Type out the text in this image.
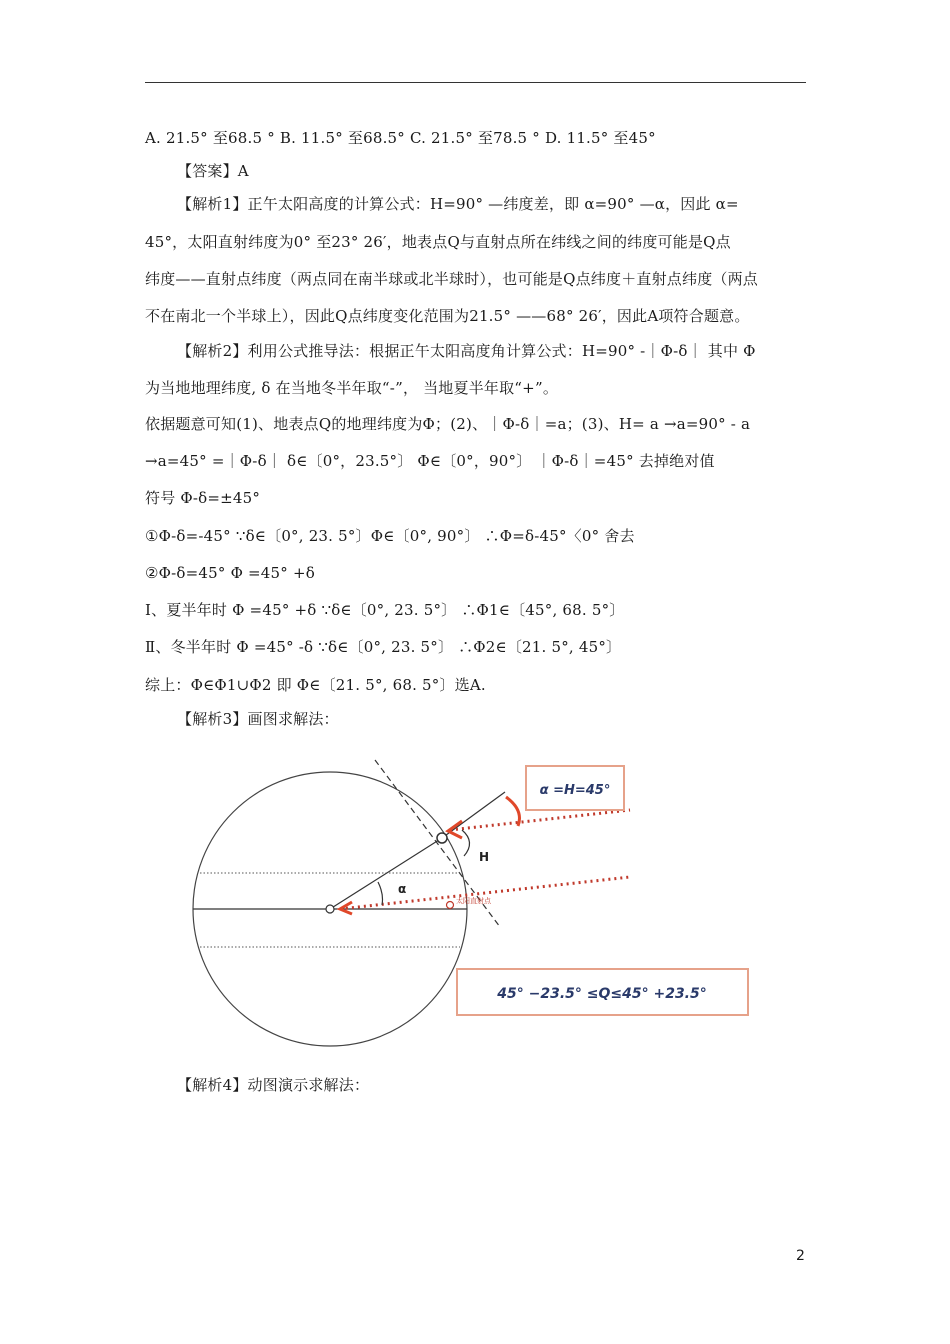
A. 21.5° 至68.5 ° B. 11.5° 至68.5° C. 21.5° 至78.5 ° D. 11.5° 至45°
【答案】A
【解析1】正午太阳高度的计算公式：H=90° —纬度差，即 α=90° —α，因此 α=
45°，太阳直射纬度为0° 至23° 26′，地表点Q与直射点所在纬线之间的纬度可能是Q点
纬度——直射点纬度（两点同在南半球或北半球时），也可能是Q点纬度＋直射点纬度（两点
不在南北一个半球上），因此Q点纬度变化范围为21.5° ——68° 26′，因此A项符合题意。
【解析2】利用公式推导法：根据正午太阳高度角计算公式：H=90° -｜Φ-δ｜ 其中 Φ
为当地地理纬度, δ 在当地冬半年取“-”， 当地夏半年取“+”。
依据题意可知(1)、地表点Q的地理纬度为Φ；(2)、｜Φ-δ｜=a；(3)、H= a →a=90° - a
→a=45° =｜Φ-δ｜ δ∈〔0°，23.5°〕 Φ∈〔0°，90°〕 ｜Φ-δ｜=45° 去掉绝对值
符号 Φ-δ=±45°
①Φ-δ=-45° ∵δ∈〔0°, 23. 5°〕Φ∈〔0°, 90°〕 ∴Φ=δ-45°〈0° 舍去
②Φ-δ=45° Φ =45° +δ
Ⅰ、夏半年时 Φ =45° +δ ∵δ∈〔0°, 23. 5°〕 ∴Φ1∈〔45°, 68. 5°〕
Ⅱ、冬半年时 Φ =45° -δ ∵δ∈〔0°, 23. 5°〕 ∴Φ2∈〔21. 5°, 45°〕
综上：Φ∈Φ1∪Φ2 即 Φ∈〔21. 5°, 68. 5°〕选A.
【解析3】画图求解法：
α
H
太阳直射点
α =H=45°
45° −23.5° ≤Q≤45° +23.5°
【解析4】动图演示求解法：
2
